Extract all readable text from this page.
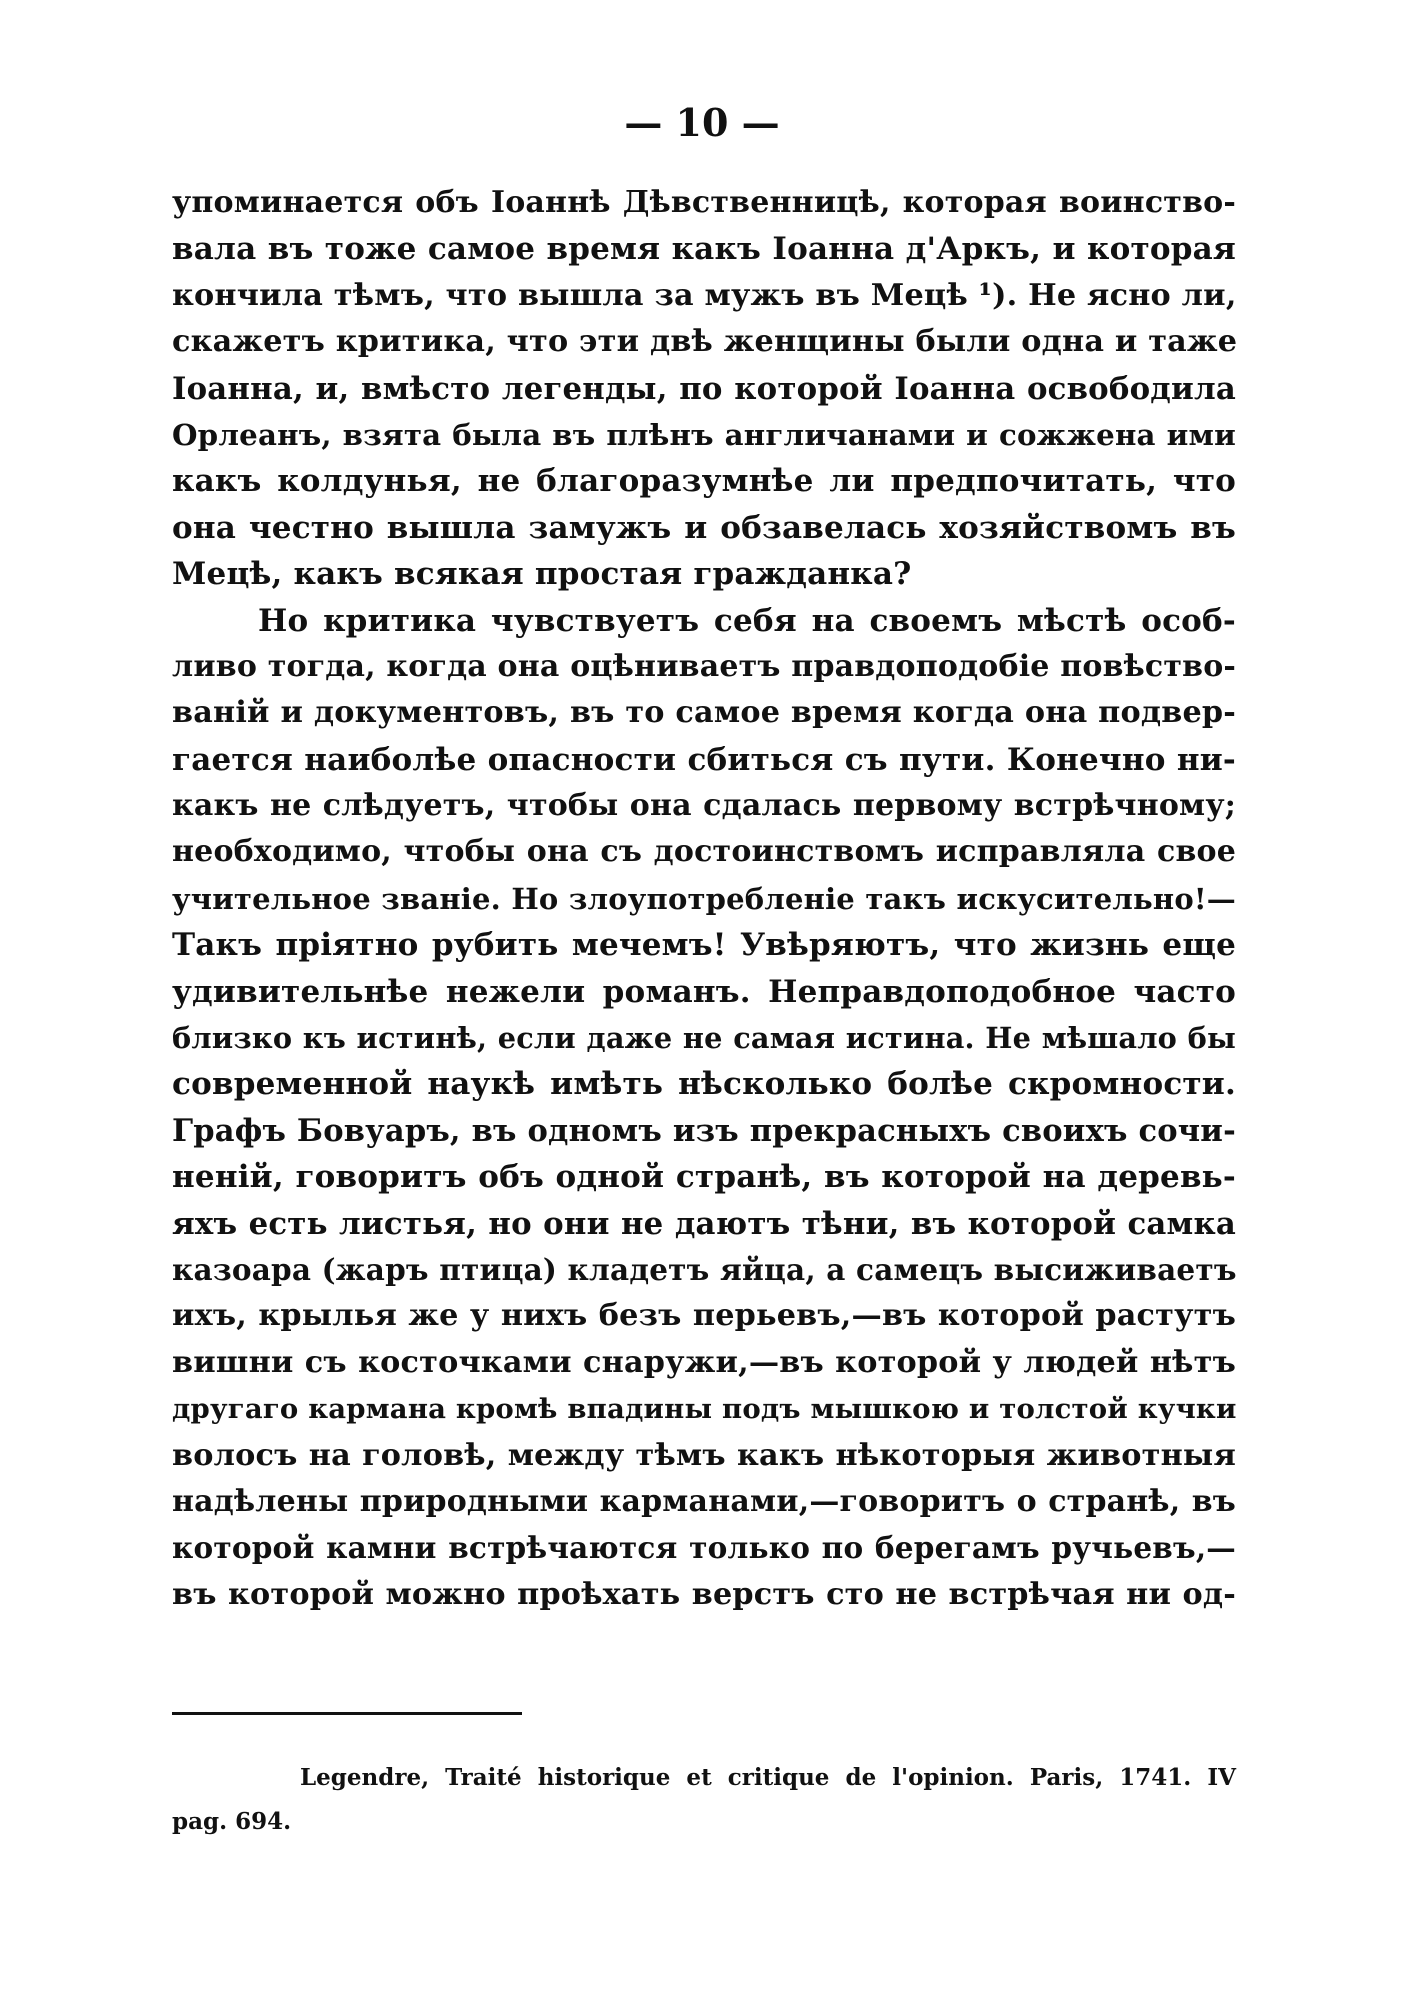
— 10 —
упоминается объ Іоаннѣ Дѣвственницѣ, которая воинство-
вала въ тоже самое время какъ Іоанна д'Аркъ, и которая
кончила тѣмъ, что вышла за мужъ въ Мецѣ ¹). Не ясно ли,
скажетъ критика, что эти двѣ женщины были одна и таже
Іоанна, и, вмѣсто легенды, по которой Іоанна освободила
Орлеанъ, взята была въ плѣнъ англичанами и сожжена ими
какъ колдунья, не благоразумнѣе ли предпочитать, что
она честно вышла замужъ и обзавелась хозяйствомъ въ
Мецѣ, какъ всякая простая гражданка?
Но критика чувствуетъ себя на своемъ мѣстѣ особ-
ливо тогда, когда она оцѣниваетъ правдоподобіе повѣство-
ваній и документовъ, въ то самое время когда она подвер-
гается наиболѣе опасности сбиться съ пути. Конечно ни-
какъ не слѣдуетъ, чтобы она сдалась первому встрѣчному;
необходимо, чтобы она съ достоинствомъ исправляла свое
учительное званіе. Но злоупотребленіе такъ искусительно!—
Такъ пріятно рубить мечемъ! Увѣряютъ, что жизнь еще
удивительнѣе нежели романъ. Неправдоподобное часто
близко къ истинѣ, если даже не самая истина. Не мѣшало бы
современной наукѣ имѣть нѣсколько болѣе скромности.
Графъ Бовуаръ, въ одномъ изъ прекрасныхъ своихъ сочи-
неній, говоритъ объ одной странѣ, въ которой на деревь-
яхъ есть листья, но они не даютъ тѣни, въ которой самка
казоара (жаръ птица) кладетъ яйца, а самецъ высиживаетъ
ихъ, крылья же у нихъ безъ перьевъ,—въ которой растутъ
вишни съ косточками снаружи,—въ которой у людей нѣтъ
другаго кармана кромѣ впадины подъ мышкою и толстой кучки
волосъ на головѣ, между тѣмъ какъ нѣкоторыя животныя
надѣлены природными карманами,—говоритъ о странѣ, въ
которой камни встрѣчаются только по берегамъ ручьевъ,—
въ которой можно проѣхать верстъ сто не встрѣчая ни од-
Legendre, Traité historique et critique de l'opinion. Paris, 1741. IV
pag. 694.
